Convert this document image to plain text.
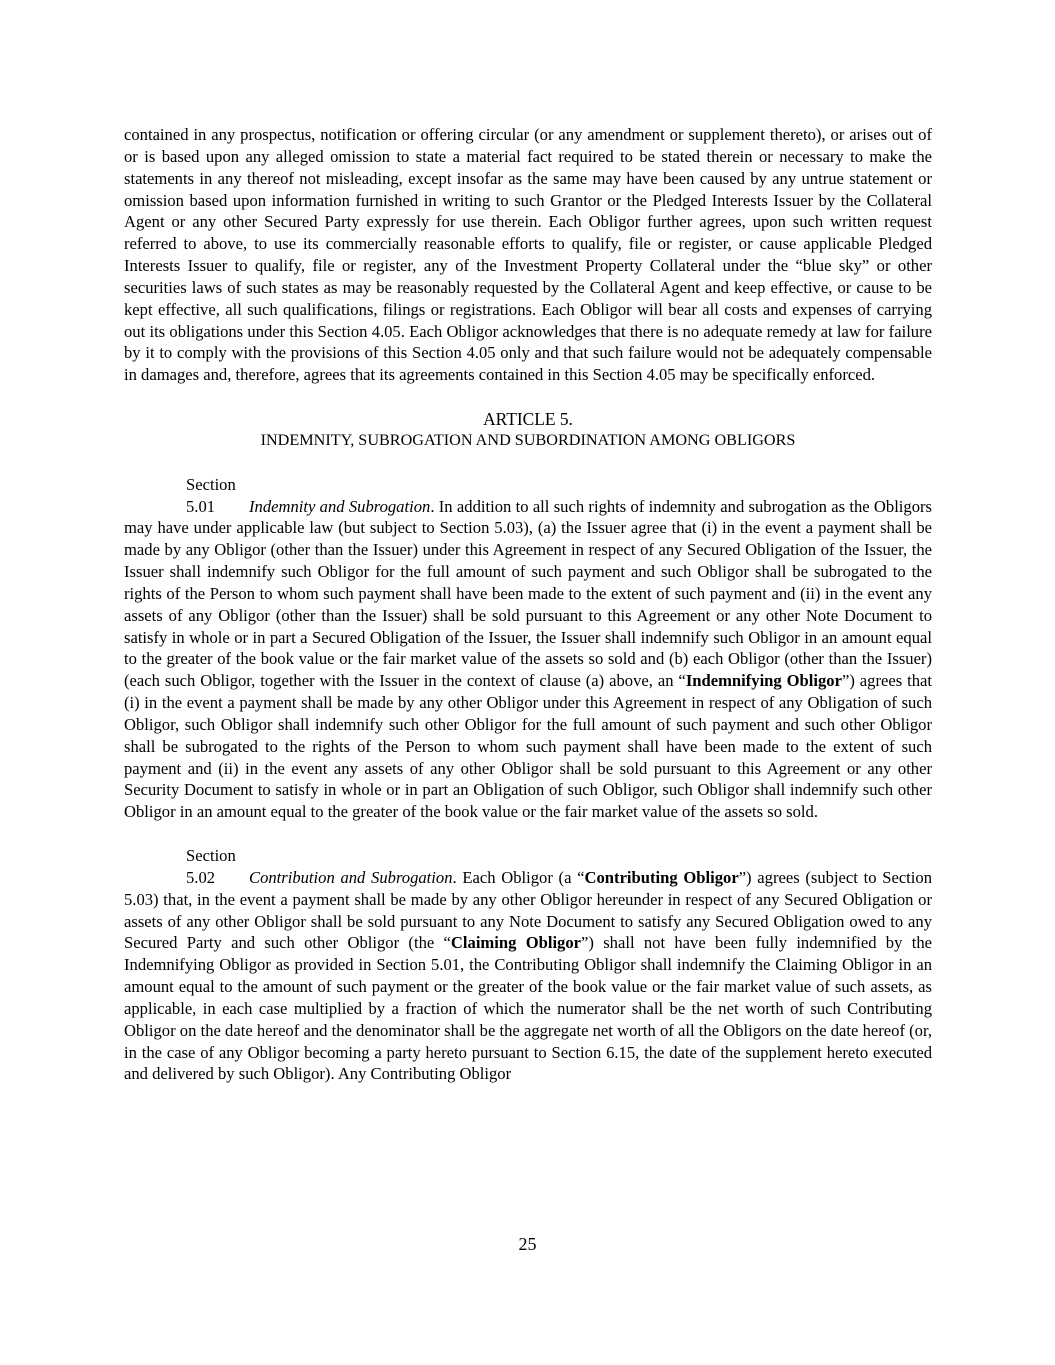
contained in any prospectus, notification or offering circular (or any amendment or supplement thereto), or arises out of or is based upon any alleged omission to state a material fact required to be stated therein or necessary to make the statements in any thereof not misleading, except insofar as the same may have been caused by any untrue statement or omission based upon information furnished in writing to such Grantor or the Pledged Interests Issuer by the Collateral Agent or any other Secured Party expressly for use therein. Each Obligor further agrees, upon such written request referred to above, to use its commercially reasonable efforts to qualify, file or register, or cause applicable Pledged Interests Issuer to qualify, file or register, any of the Investment Property Collateral under the “blue sky” or other securities laws of such states as may be reasonably requested by the Collateral Agent and keep effective, or cause to be kept effective, all such qualifications, filings or registrations. Each Obligor will bear all costs and expenses of carrying out its obligations under this Section 4.05. Each Obligor acknowledges that there is no adequate remedy at law for failure by it to comply with the provisions of this Section 4.05 only and that such failure would not be adequately compensable in damages and, therefore, agrees that its agreements contained in this Section 4.05 may be specifically enforced.

ARTICLE 5.

INDEMNITY, SUBROGATION AND SUBORDINATION AMONG OBLIGORS

Section 5.01 Indemnity and Subrogation. In addition to all such rights of indemnity and subrogation as the Obligors may have under applicable law (but subject to Section 5.03), (a) the Issuer agree that (i) in the event a payment shall be made by any Obligor (other than the Issuer) under this Agreement in respect of any Secured Obligation of the Issuer, the Issuer shall indemnify such Obligor for the full amount of such payment and such Obligor shall be subrogated to the rights of the Person to whom such payment shall have been made to the extent of such payment and (ii) in the event any assets of any Obligor (other than the Issuer) shall be sold pursuant to this Agreement or any other Note Document to satisfy in whole or in part a Secured Obligation of the Issuer, the Issuer shall indemnify such Obligor in an amount equal to the greater of the book value or the fair market value of the assets so sold and (b) each Obligor (other than the Issuer) (each such Obligor, together with the Issuer in the context of clause (a) above, an “Indemnifying Obligor”) agrees that (i) in the event a payment shall be made by any other Obligor under this Agreement in respect of any Obligation of such Obligor, such Obligor shall indemnify such other Obligor for the full amount of such payment and such other Obligor shall be subrogated to the rights of the Person to whom such payment shall have been made to the extent of such payment and (ii) in the event any assets of any other Obligor shall be sold pursuant to this Agreement or any other Security Document to satisfy in whole or in part an Obligation of such Obligor, such Obligor shall indemnify such other Obligor in an amount equal to the greater of the book value or the fair market value of the assets so sold.

Section 5.02 Contribution and Subrogation. Each Obligor (a “Contributing Obligor”) agrees (subject to Section 5.03) that, in the event a payment shall be made by any other Obligor hereunder in respect of any Secured Obligation or assets of any other Obligor shall be sold pursuant to any Note Document to satisfy any Secured Obligation owed to any Secured Party and such other Obligor (the “Claiming Obligor”) shall not have been fully indemnified by the Indemnifying Obligor as provided in Section 5.01, the Contributing Obligor shall indemnify the Claiming Obligor in an amount equal to the amount of such payment or the greater of the book value or the fair market value of such assets, as applicable, in each case multiplied by a fraction of which the numerator shall be the net worth of such Contributing Obligor on the date hereof and the denominator shall be the aggregate net worth of all the Obligors on the date hereof (or, in the case of any Obligor becoming a party hereto pursuant to Section 6.15, the date of the supplement hereto executed and delivered by such Obligor). Any Contributing Obligor

25
